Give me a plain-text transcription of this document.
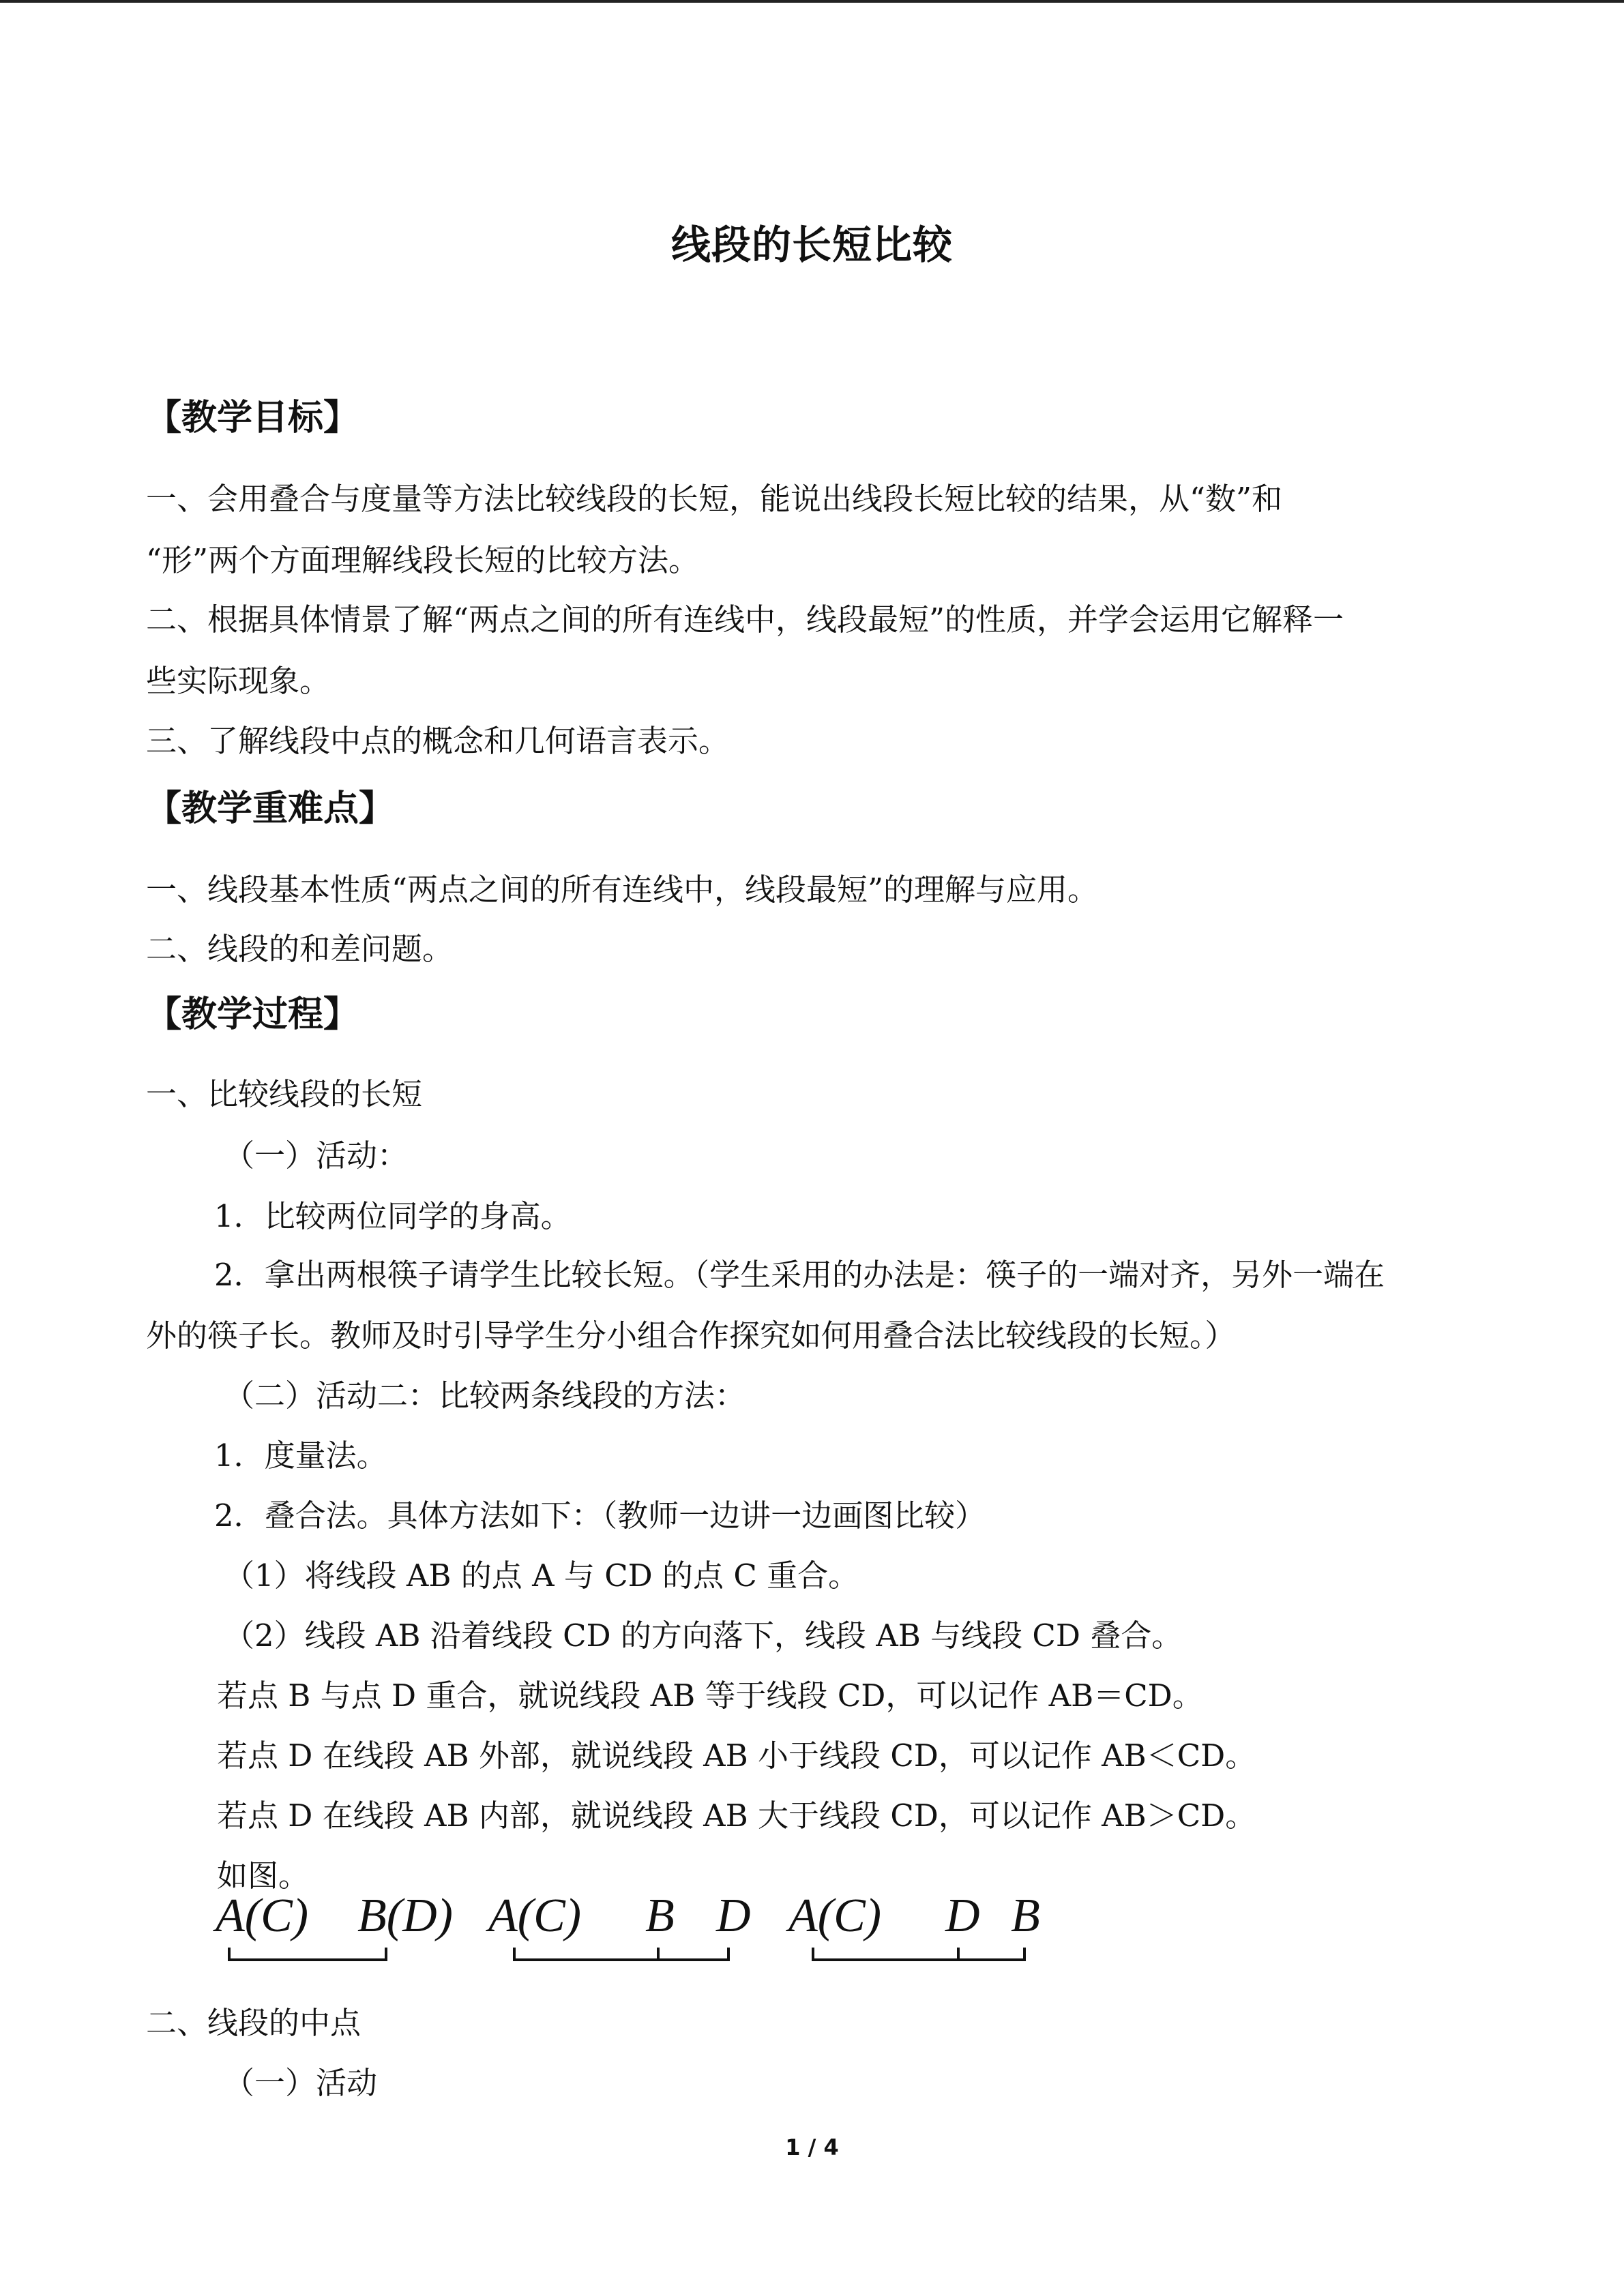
线段的长短比较
【教学目标】
一、会用叠合与度量等方法比较线段的长短，能说出线段长短比较的结果，从“数”和
“形”两个方面理解线段长短的比较方法。
二、根据具体情景了解“两点之间的所有连线中，线段最短”的性质，并学会运用它解释一
些实际现象。
三、了解线段中点的概念和几何语言表示。
【教学重难点】
一、线段基本性质“两点之间的所有连线中，线段最短”的理解与应用。
二、线段的和差问题。
【教学过程】
一、比较线段的长短
（一）活动：
1．比较两位同学的身高。
2．拿出两根筷子请学生比较长短。（学生采用的办法是：筷子的一端对齐，另外一端在
外的筷子长。教师及时引导学生分小组合作探究如何用叠合法比较线段的长短。）
（二）活动二：比较两条线段的方法：
1．度量法。
2．叠合法。具体方法如下：（教师一边讲一边画图比较）
（1）将线段 AB 的点 A 与 CD 的点 C 重合。
（2）线段 AB 沿着线段 CD 的方向落下，线段 AB 与线段 CD 叠合。
若点 B 与点 D 重合，就说线段 AB 等于线段 CD，可以记作 AB＝CD。
若点 D 在线段 AB 外部，就说线段 AB 小于线段 CD，可以记作 AB＜CD。
若点 D 在线段 AB 内部，就说线段 AB 大于线段 CD，可以记作 AB＞CD。
如图。
A(C) B(D) A(C) B D A(C) D B
二、线段的中点
（一）活动
1 / 4
